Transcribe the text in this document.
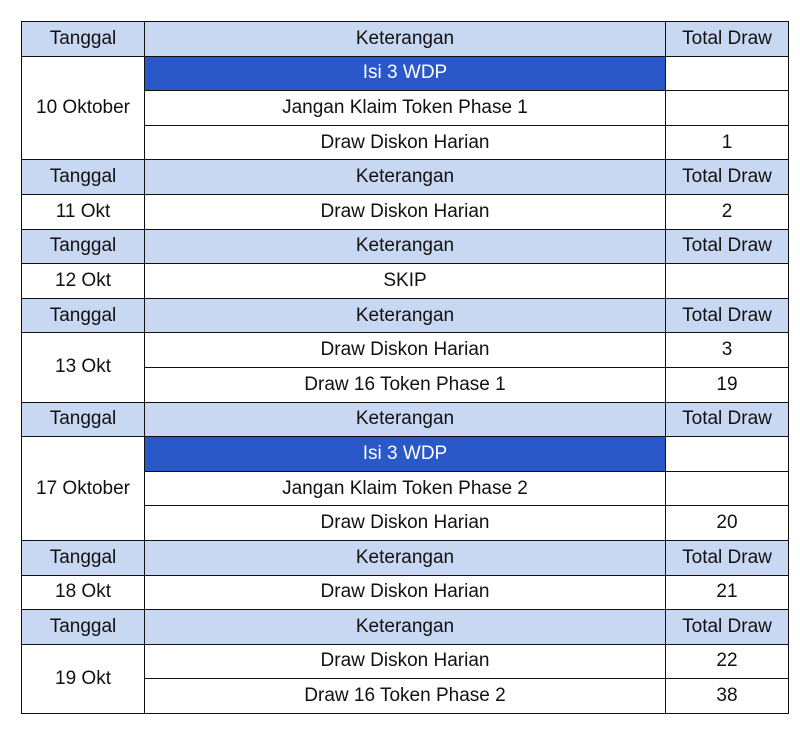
Tanggal	Keterangan	Total Draw
10 Oktober	Isi 3 WDP	
	Jangan Klaim Token Phase 1	
	Draw Diskon Harian	1
Tanggal	Keterangan	Total Draw
11 Okt	Draw Diskon Harian	2
Tanggal	Keterangan	Total Draw
12 Okt	SKIP	
Tanggal	Keterangan	Total Draw
13 Okt	Draw Diskon Harian	3
	Draw 16 Token Phase 1	19
Tanggal	Keterangan	Total Draw
17 Oktober	Isi 3 WDP	
	Jangan Klaim Token Phase 2	
	Draw Diskon Harian	20
Tanggal	Keterangan	Total Draw
18 Okt	Draw Diskon Harian	21
Tanggal	Keterangan	Total Draw
19 Okt	Draw Diskon Harian	22
	Draw 16 Token Phase 2	38
